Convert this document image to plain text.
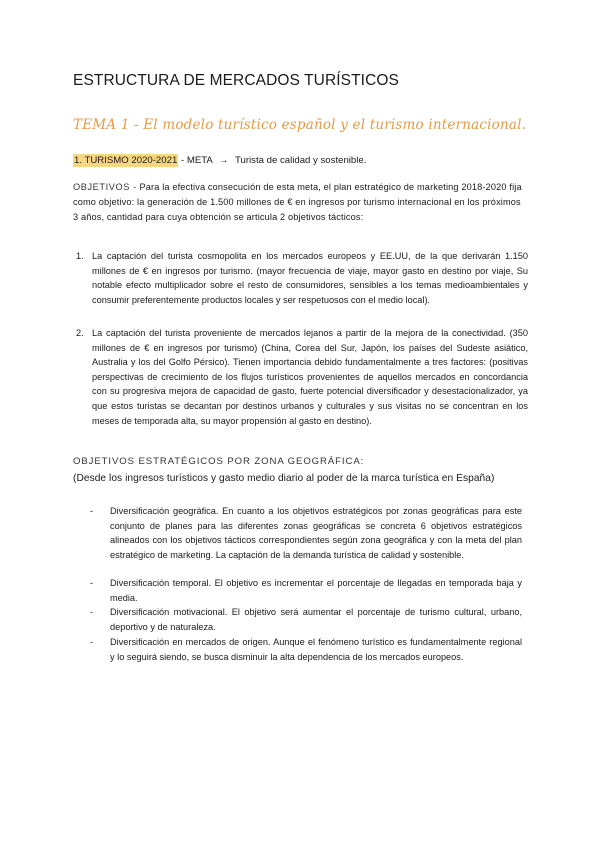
ESTRUCTURA DE MERCADOS TURÍSTICOS
TEMA 1 - El modelo turístico español y el turismo internacional.
1. TURISMO 2020-2021 - META → Turista de calidad y sostenible.
OBJETIVOS - Para la efectiva consecución de esta meta, el plan estratégico de marketing 2018-2020 fija como objetivo: la generación de 1.500 millones de € en ingresos por turismo internacional en los próximos 3 años, cantidad para cuya obtención se articula 2 objetivos tácticos:
1. La captación del turista cosmopolita en los mercados europeos y EE.UU, de la que derivarán 1.150 millones de € en ingresos por turismo. (mayor frecuencia de viaje, mayor gasto en destino por viaje, Su notable efecto multiplicador sobre el resto de consumidores, sensibles a los temas medioambientales y consumir preferentemente productos locales y ser respetuosos con el medio local).
2. La captación del turista proveniente de mercados lejanos a partir de la mejora de la conectividad. (350 millones de € en ingresos por turismo) (China, Corea del Sur, Japón, los países del Sudeste asiático, Australia y los del Golfo Pérsico). Tienen importancia debido fundamentalmente a tres factores: (positivas perspectivas de crecimiento de los flujos turísticos provenientes de aquellos mercados en concordancia con su progresiva mejora de capacidad de gasto, fuerte potencial diversificador y desestacionalizador, ya que estos turistas se decantan por destinos urbanos y culturales y sus visitas no se concentran en los meses de temporada alta, su mayor propensión al gasto en destino).
OBJETIVOS ESTRATÉGICOS POR ZONA GEOGRÁFICA:
(Desde los ingresos turísticos y gasto medio diario al poder de la marca turística en España)
- Diversificación geográfica. En cuanto a los objetivos estratégicos por zonas geográficas para este conjunto de planes para las diferentes zonas geográficas se concreta 6 objetivos estratégicos alineados con los objetivos tácticos correspondientes según zona geográfica y con la meta del plan estratégico de marketing. La captación de la demanda turística de calidad y sostenible.
- Diversificación temporal. El objetivo es incrementar el porcentaje de llegadas en temporada baja y media.
- Diversificación motivacional. El objetivo será aumentar el porcentaje de turismo cultural, urbano, deportivo y de naturaleza.
- Diversificación en mercados de origen. Aunque el fenómeno turístico es fundamentalmente regional y lo seguirá siendo, se busca disminuir la alta dependencia de los mercados europeos.
